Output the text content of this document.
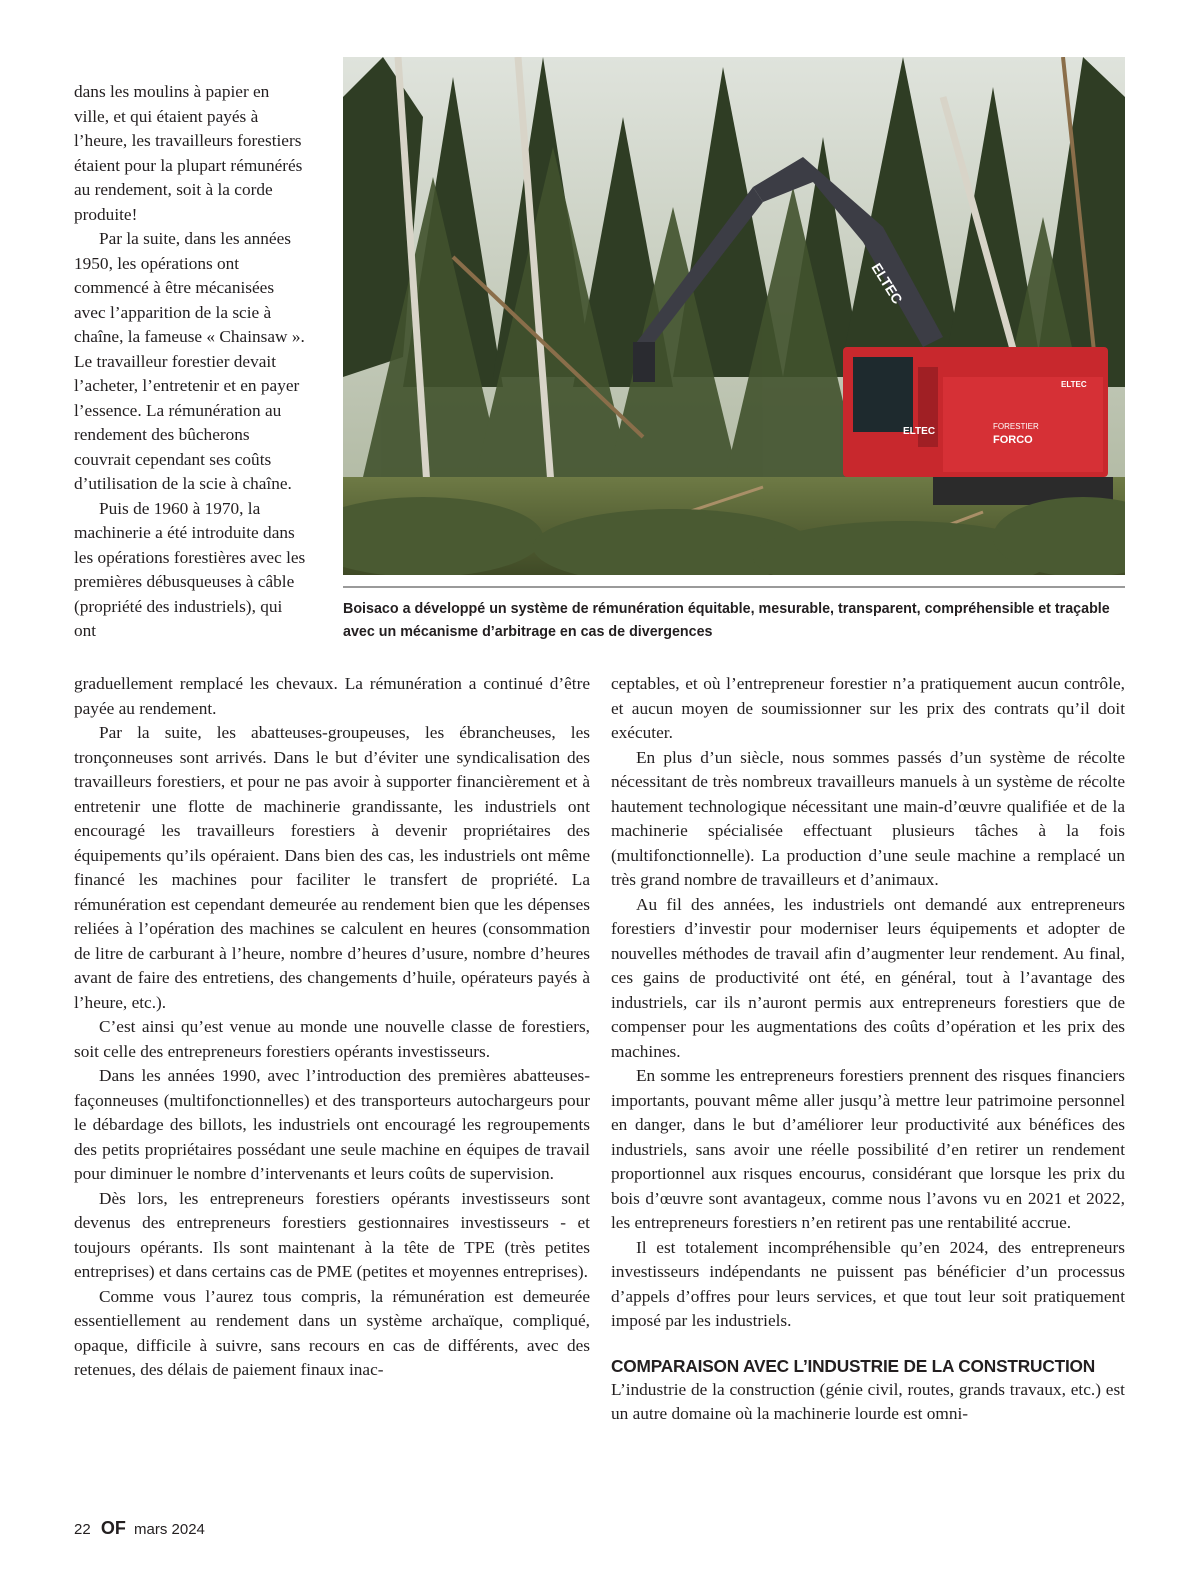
dans les moulins à papier en ville, et qui étaient payés à l’heure, les travailleurs forestiers étaient pour la plupart rémunérés au rendement, soit à la corde produite!

Par la suite, dans les années 1950, les opérations ont commencé à être mécanisées avec l’apparition de la scie à chaîne, la fameuse « Chainsaw ». Le travailleur forestier devait l’acheter, l’entretenir et en payer l’essence. La rémunération au rendement des bûcherons couvrait cependant ses coûts d’utilisation de la scie à chaîne.

Puis de 1960 à 1970, la machinerie a été introduite dans les opérations forestières avec les premières débusqueuses à câble (propriété des industriels), qui ont

ELTEC
ELTEC	FORESTIER
FORCO
ELTEC
Boisaco a développé un système de rémunération équitable, mesurable, transparent, compréhensible et traçable avec un mécanisme d’arbitrage en cas de divergences

graduellement remplacé les chevaux. La rémunération a continué d’être payée au rendement.

Par la suite, les abatteuses-groupeuses, les ébrancheuses, les tronçonneuses sont arrivés. Dans le but d’éviter une syndicalisation des travailleurs forestiers, et pour ne pas avoir à supporter financièrement et à entretenir une flotte de machinerie grandissante, les industriels ont encouragé les travailleurs forestiers à devenir propriétaires des équipements qu’ils opéraient. Dans bien des cas, les industriels ont même financé les machines pour faciliter le transfert de propriété. La rémunération est cependant demeurée au rendement bien que les dépenses reliées à l’opération des machines se calculent en heures (consommation de litre de carburant à l’heure, nombre d’heures d’usure, nombre d’heures avant de faire des entretiens, des changements d’huile, opérateurs payés à l’heure, etc.).

C’est ainsi qu’est venue au monde une nouvelle classe de forestiers, soit celle des entrepreneurs forestiers opérants investisseurs.

Dans les années 1990, avec l’introduction des premières abatteuses-façonneuses (multifonctionnelles) et des transporteurs autochargeurs pour le débardage des billots, les industriels ont encouragé les regroupements des petits propriétaires possédant une seule machine en équipes de travail pour diminuer le nombre d’intervenants et leurs coûts de supervision.

Dès lors, les entrepreneurs forestiers opérants investisseurs sont devenus des entrepreneurs forestiers gestionnaires investisseurs - et toujours opérants. Ils sont maintenant à la tête de TPE (très petites entreprises) et dans certains cas de PME (petites et moyennes entreprises).

Comme vous l’aurez tous compris, la rémunération est demeurée essentiellement au rendement dans un système archaïque, compliqué, opaque, difficile à suivre, sans recours en cas de différents, avec des retenues, des délais de paiement finaux inac-

ceptables, et où l’entrepreneur forestier n’a pratiquement aucun contrôle, et aucun moyen de soumissionner sur les prix des contrats qu’il doit exécuter.

En plus d’un siècle, nous sommes passés d’un système de récolte nécessitant de très nombreux travailleurs manuels à un système de récolte hautement technologique nécessitant une main-d’œuvre qualifiée et de la machinerie spécialisée effectuant plusieurs tâches à la fois (multifonctionnelle). La production d’une seule machine a remplacé un très grand nombre de travailleurs et d’animaux.

Au fil des années, les industriels ont demandé aux entrepreneurs forestiers d’investir pour moderniser leurs équipements et adopter de nouvelles méthodes de travail afin d’augmenter leur rendement. Au final, ces gains de productivité ont été, en général, tout à l’avantage des industriels, car ils n’auront permis aux entrepreneurs forestiers que de compenser pour les augmentations des coûts d’opération et les prix des machines.

En somme les entrepreneurs forestiers prennent des risques financiers importants, pouvant même aller jusqu’à mettre leur patrimoine personnel en danger, dans le but d’améliorer leur productivité aux bénéfices des industriels, sans avoir une réelle possibilité d’en retirer un rendement proportionnel aux risques encourus, considérant que lorsque les prix du bois d’œuvre sont avantageux, comme nous l’avons vu en 2021 et 2022, les entrepreneurs forestiers n’en retirent pas une rentabilité accrue.

Il est totalement incompréhensible qu’en 2024, des entrepreneurs investisseurs indépendants ne puissent pas bénéficier d’un processus d’appels d’offres pour leurs services, et que tout leur soit pratiquement imposé par les industriels.

COMPARAISON AVEC L’INDUSTRIE DE LA CONSTRUCTION

L’industrie de la construction (génie civil, routes, grands travaux, etc.) est un autre domaine où la machinerie lourde est omni-

22 OF mars 2024
